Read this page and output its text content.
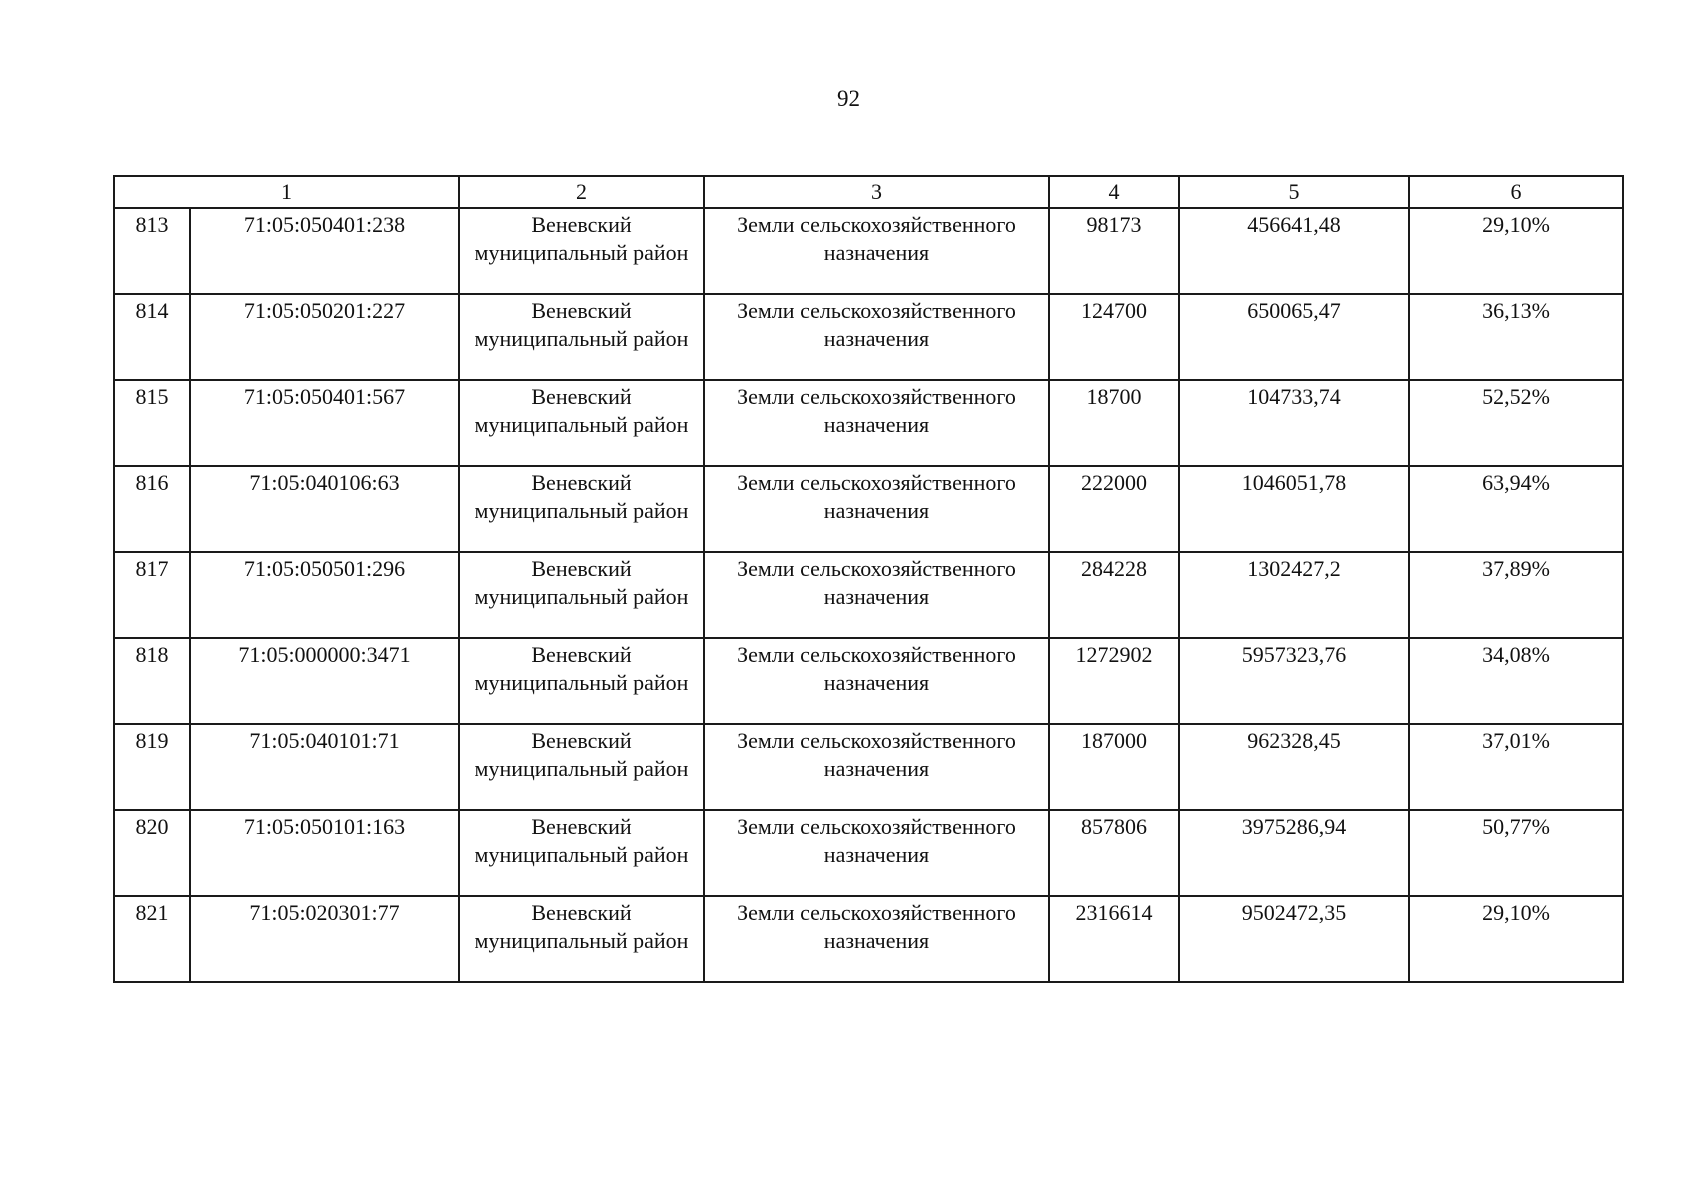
92
1		2	3	4	5	6
813	71:05:050401:238	Веневский муниципальный район	Земли сельскохозяйственного назначения	98173	456641,48	29,10%
814	71:05:050201:227	Веневский муниципальный район	Земли сельскохозяйственного назначения	124700	650065,47	36,13%
815	71:05:050401:567	Веневский муниципальный район	Земли сельскохозяйственного назначения	18700	104733,74	52,52%
816	71:05:040106:63	Веневский муниципальный район	Земли сельскохозяйственного назначения	222000	1046051,78	63,94%
817	71:05:050501:296	Веневский муниципальный район	Земли сельскохозяйственного назначения	284228	1302427,2	37,89%
818	71:05:000000:3471	Веневский муниципальный район	Земли сельскохозяйственного назначения	1272902	5957323,76	34,08%
819	71:05:040101:71	Веневский муниципальный район	Земли сельскохозяйственного назначения	187000	962328,45	37,01%
820	71:05:050101:163	Веневский муниципальный район	Земли сельскохозяйственного назначения	857806	3975286,94	50,77%
821	71:05:020301:77	Веневский муниципальный район	Земли сельскохозяйственного назначения	2316614	9502472,35	29,10%
